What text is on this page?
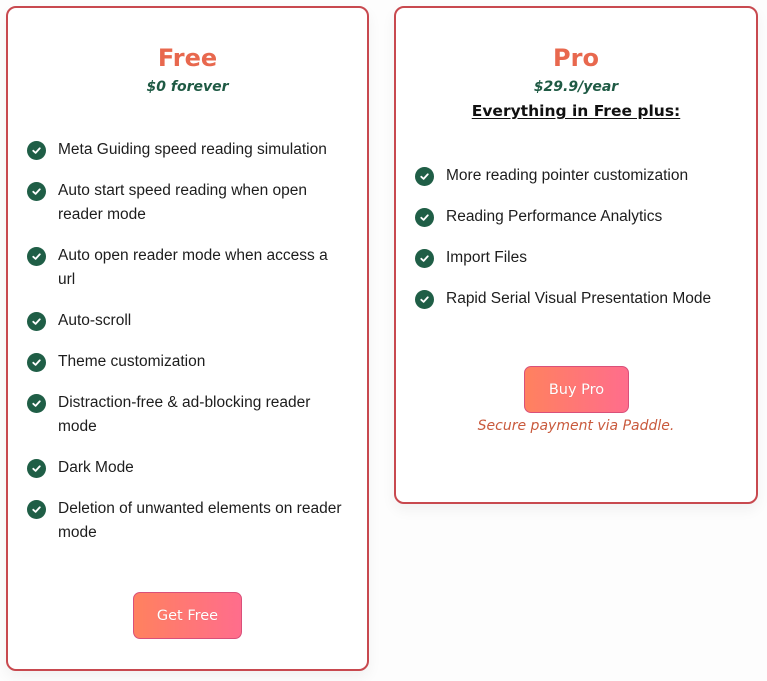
Free
$0 forever
Meta Guiding speed reading simulation
Auto start speed reading when open reader mode
Auto open reader mode when access a url
Auto-scroll
Theme customization
Distraction-free & ad-blocking reader mode
Dark Mode
Deletion of unwanted elements on reader mode
Get Free
Pro
$29.9/year
Everything in Free plus:
More reading pointer customization
Reading Performance Analytics
Import Files
Rapid Serial Visual Presentation Mode
Buy Pro
Secure payment via Paddle.
